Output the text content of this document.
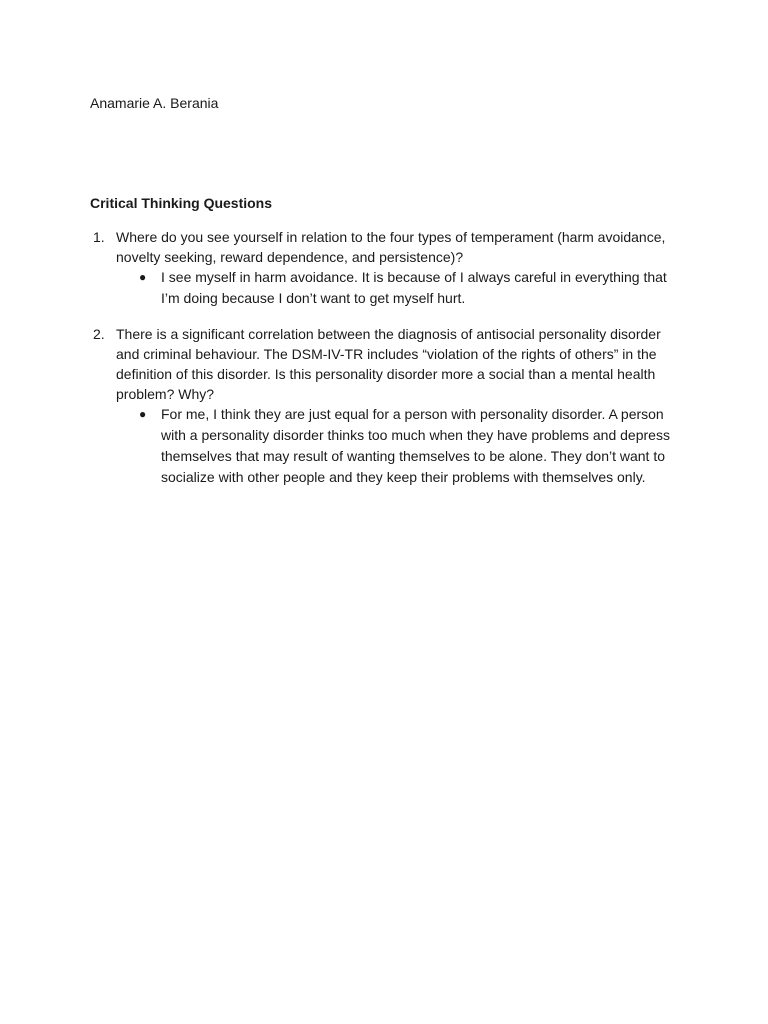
Anamarie A. Berania
Critical Thinking Questions
1. Where do you see yourself in relation to the four types of temperament (harm avoidance, novelty seeking, reward dependence, and persistence)?
● I see myself in harm avoidance. It is because of I always careful in everything that I’m doing because I don’t want to get myself hurt.
2. There is a significant correlation between the diagnosis of antisocial personality disorder and criminal behaviour. The DSM-IV-TR includes “violation of the rights of others” in the definition of this disorder. Is this personality disorder more a social than a mental health problem? Why?
● For me, I think they are just equal for a person with personality disorder. A person with a personality disorder thinks too much when they have problems and depress themselves that may result of wanting themselves to be alone. They don’t want to socialize with other people and they keep their problems with themselves only.
